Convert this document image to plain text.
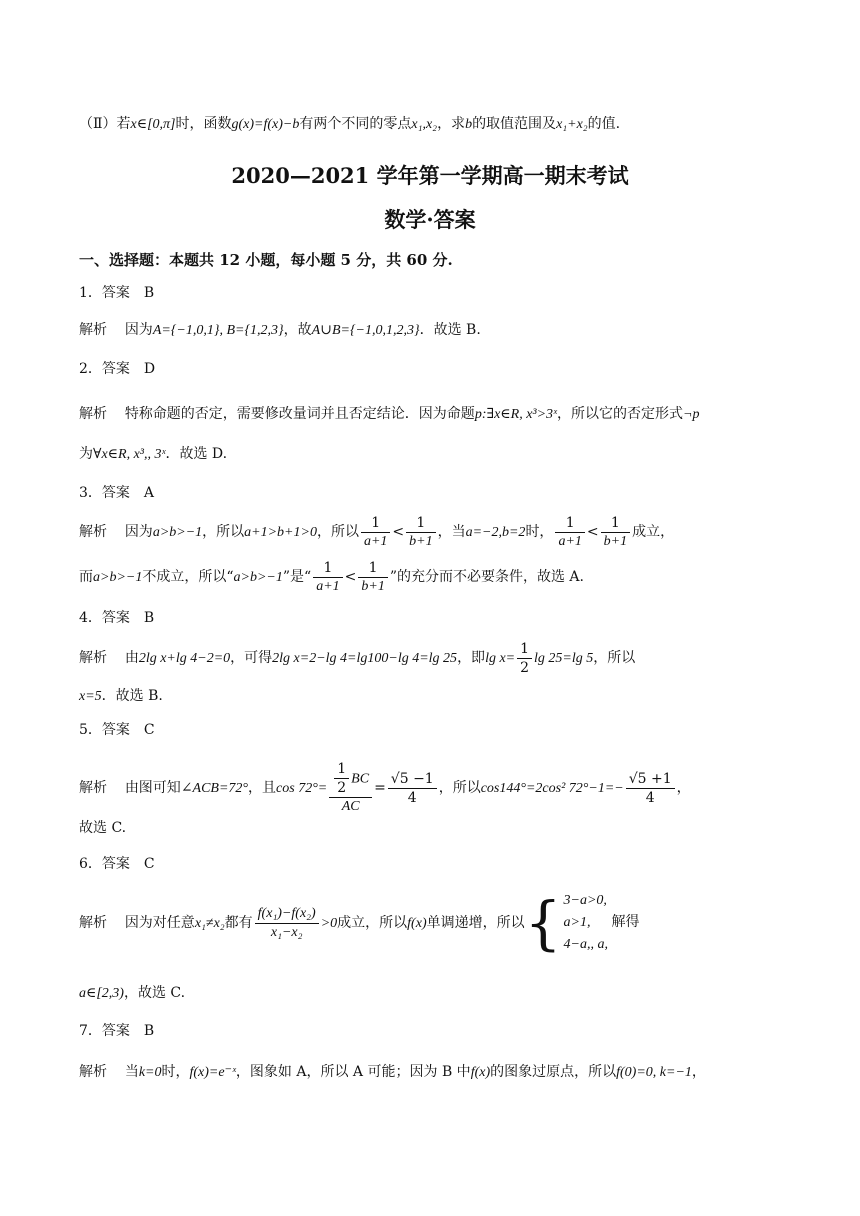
（Ⅱ）若x∈[0,π]时，函数g(x)=f(x)−b有两个不同的零点x₁,x₂，求b的取值范围及x₁+x₂的值.
2020—2021 学年第一学期高一期末考试
数学·答案
一、选择题：本题共 12 小题，每小题 5 分，共 60 分.
1．答案　B
解析 因为A={−1,0,1}, B={1,2,3}，故A∪B={−1,0,1,2,3}．故选 B.
2．答案　D
解析 特称命题的否定，需要修改量词并且否定结论．因为命题p:∃x∈R, x³>3ˣ，所以它的否定形式¬p
为∀x∈R, x³,, 3ˣ．故选 D.
3．答案　A
解析 因为a>b>−1，所以a+1>b+1>0，所以 $\frac{1}{a+1} < \frac{1}{b+1}$ ，当a=−2,b=2时， $\frac{1}{a+1} < \frac{1}{b+1}$ 成立，
而a>b>−1不成立，所以“a>b>−1”是“ $\frac{1}{a+1} < \frac{1}{b+1}$ ”的充分而不必要条件，故选 A.
4．答案　B
解析 由2lg x+lg 4−2=0，可得2lg x=2−lg 4=lg100−lg 4=lg 25，即$\lg x= \frac{1}{2}$ lg 25=lg 5，所以
x=5．故选 B.
5．答案　C
解析 由图可知∠ACB=72°，且$\cos 72^\circ= \frac{\frac{1}{2} BC}{AC} = \frac{√5 -1}{4}$ ，所以cos144°=2cos² $72^\circ-1=- \frac{√5 +1}{4}$ ，
故选 C.
6．答案　C
解析 因为对任意x₁≠x₂都有 $\frac{\text{f(x₁)−f(x₂)}}{\text{x₁−x₂}} >0$成立，所以f(x)单调递增，所以{ 3−a>0,
a>1, 解得
4−a,, a,
a∈[2,3)，故选 C.
7．答案　B
解析 当k=0时，f(x)=e⁻ˣ，图象如 A，所以 A 可能；因为 B 中f(x)的图象过原点，所以f(0)=0, k=−1，
